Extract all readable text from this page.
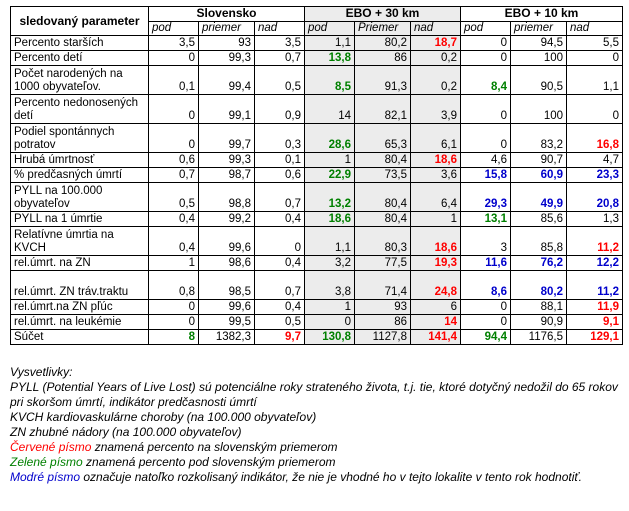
sledovaný parameter	Slovensko			EBO + 30 km			EBO + 10 km		
	pod	priemer	nad	pod	Priemer	nad	pod	priemer	nad
Percento starších	3,5	93	3,5	1,1	80,2	18,7	0	94,5	5,5
Percento detí	0	99,3	0,7	13,8	86	0,2	0	100	0
Počet narodených na 1000 obyvateľov.	0,1	99,4	0,5	8,5	91,3	0,2	8,4	90,5	1,1
Percento nedonosených detí	0	99,1	0,9	14	82,1	3,9	0	100	0
Podiel spontánnych potratov	0	99,7	0,3	28,6	65,3	6,1	0	83,2	16,8
Hrubá úmrtnosť	0,6	99,3	0,1	1	80,4	18,6	4,6	90,7	4,7
% predčasných úmrtí	0,7	98,7	0,6	22,9	73,5	3,6	15,8	60,9	23,3
PYLL na 100.000 obyvateľov	0,5	98,8	0,7	13,2	80,4	6,4	29,3	49,9	20,8
PYLL na 1 úmrtie	0,4	99,2	0,4	18,6	80,4	1	13,1	85,6	1,3
Relatívne úmrtia na KVCH	0,4	99,6	0	1,1	80,3	18,6	3	85,8	11,2
rel.úmrt. na ZN	1	98,6	0,4	3,2	77,5	19,3	11,6	76,2	12,2
rel.úmrt. ZN tráv.traktu	0,8	98,5	0,7	3,8	71,4	24,8	8,6	80,2	11,2
rel.úmrt.na ZN pľúc	0	99,6	0,4	1	93	6	0	88,1	11,9
rel.úmrt. na leukémie	0	99,5	0,5	0	86	14	0	90,9	9,1
Súčet	8	1382,3	9,7	130,8	1127,8	141,4	94,4	1176,5	129,1
Vysvetlivky:
PYLL (Potential Years of Live Lost) sú potenciálne roky strateného života, t.j. tie, ktoré dotyčný nedožil do 65 rokov pri skoršom úmrtí, indikátor predčasnosti úmrtí
KVCH kardiovaskulárne choroby (na 100.000 obyvateľov)
ZN zhubné nádory (na 100.000 obyvateľov)
Červené písmo znamená percento na slovenským priemerom
Zelené písmo znamená percento pod slovenským priemerom
Modré písmo označuje natoľko rozkolisaný indikátor, že nie je vhodné ho v tejto lokalite v tento rok hodnotiť.
